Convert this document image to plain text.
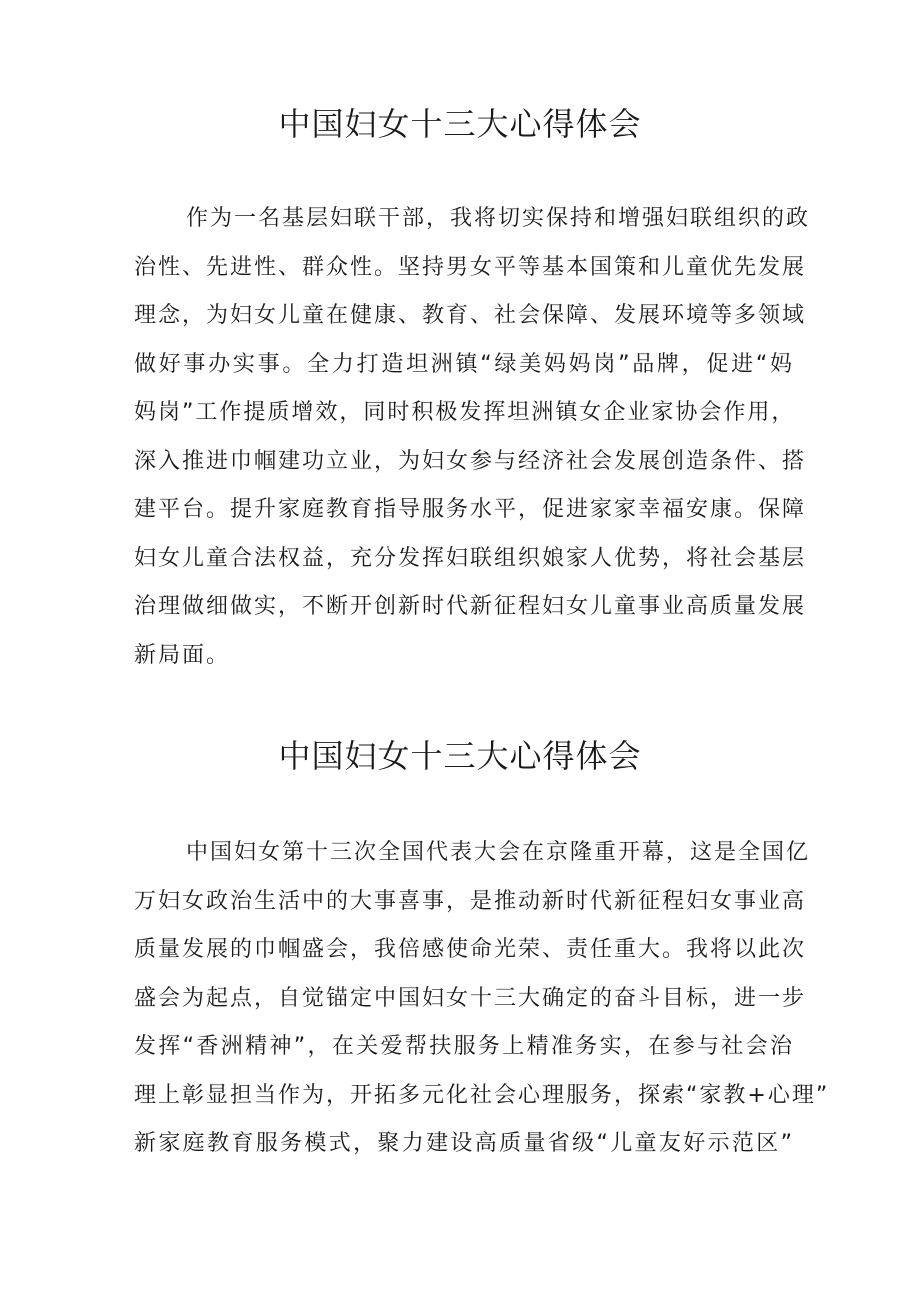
中国妇女十三大心得体会
作为一名基层妇联干部，我将切实保持和增强妇联组织的政
治性、先进性、群众性。坚持男女平等基本国策和儿童优先发展
理念，为妇女儿童在健康、教育、社会保障、发展环境等多领域
做好事办实事。全力打造坦洲镇“绿美妈妈岗”品牌，促进“妈
妈岗”工作提质增效，同时积极发挥坦洲镇女企业家协会作用，
深入推进巾帼建功立业，为妇女参与经济社会发展创造条件、搭
建平台。提升家庭教育指导服务水平，促进家家幸福安康。保障
妇女儿童合法权益，充分发挥妇联组织娘家人优势，将社会基层
治理做细做实，不断开创新时代新征程妇女儿童事业高质量发展
新局面。
中国妇女十三大心得体会
中国妇女第十三次全国代表大会在京隆重开幕，这是全国亿
万妇女政治生活中的大事喜事，是推动新时代新征程妇女事业高
质量发展的巾帼盛会，我倍感使命光荣、责任重大。我将以此次
盛会为起点，自觉锚定中国妇女十三大确定的奋斗目标，进一步
发挥“香洲精神”，在关爱帮扶服务上精准务实，在参与社会治
理上彰显担当作为，开拓多元化社会心理服务，探索“家教+心理”
新家庭教育服务模式，聚力建设高质量省级“儿童友好示范区”
